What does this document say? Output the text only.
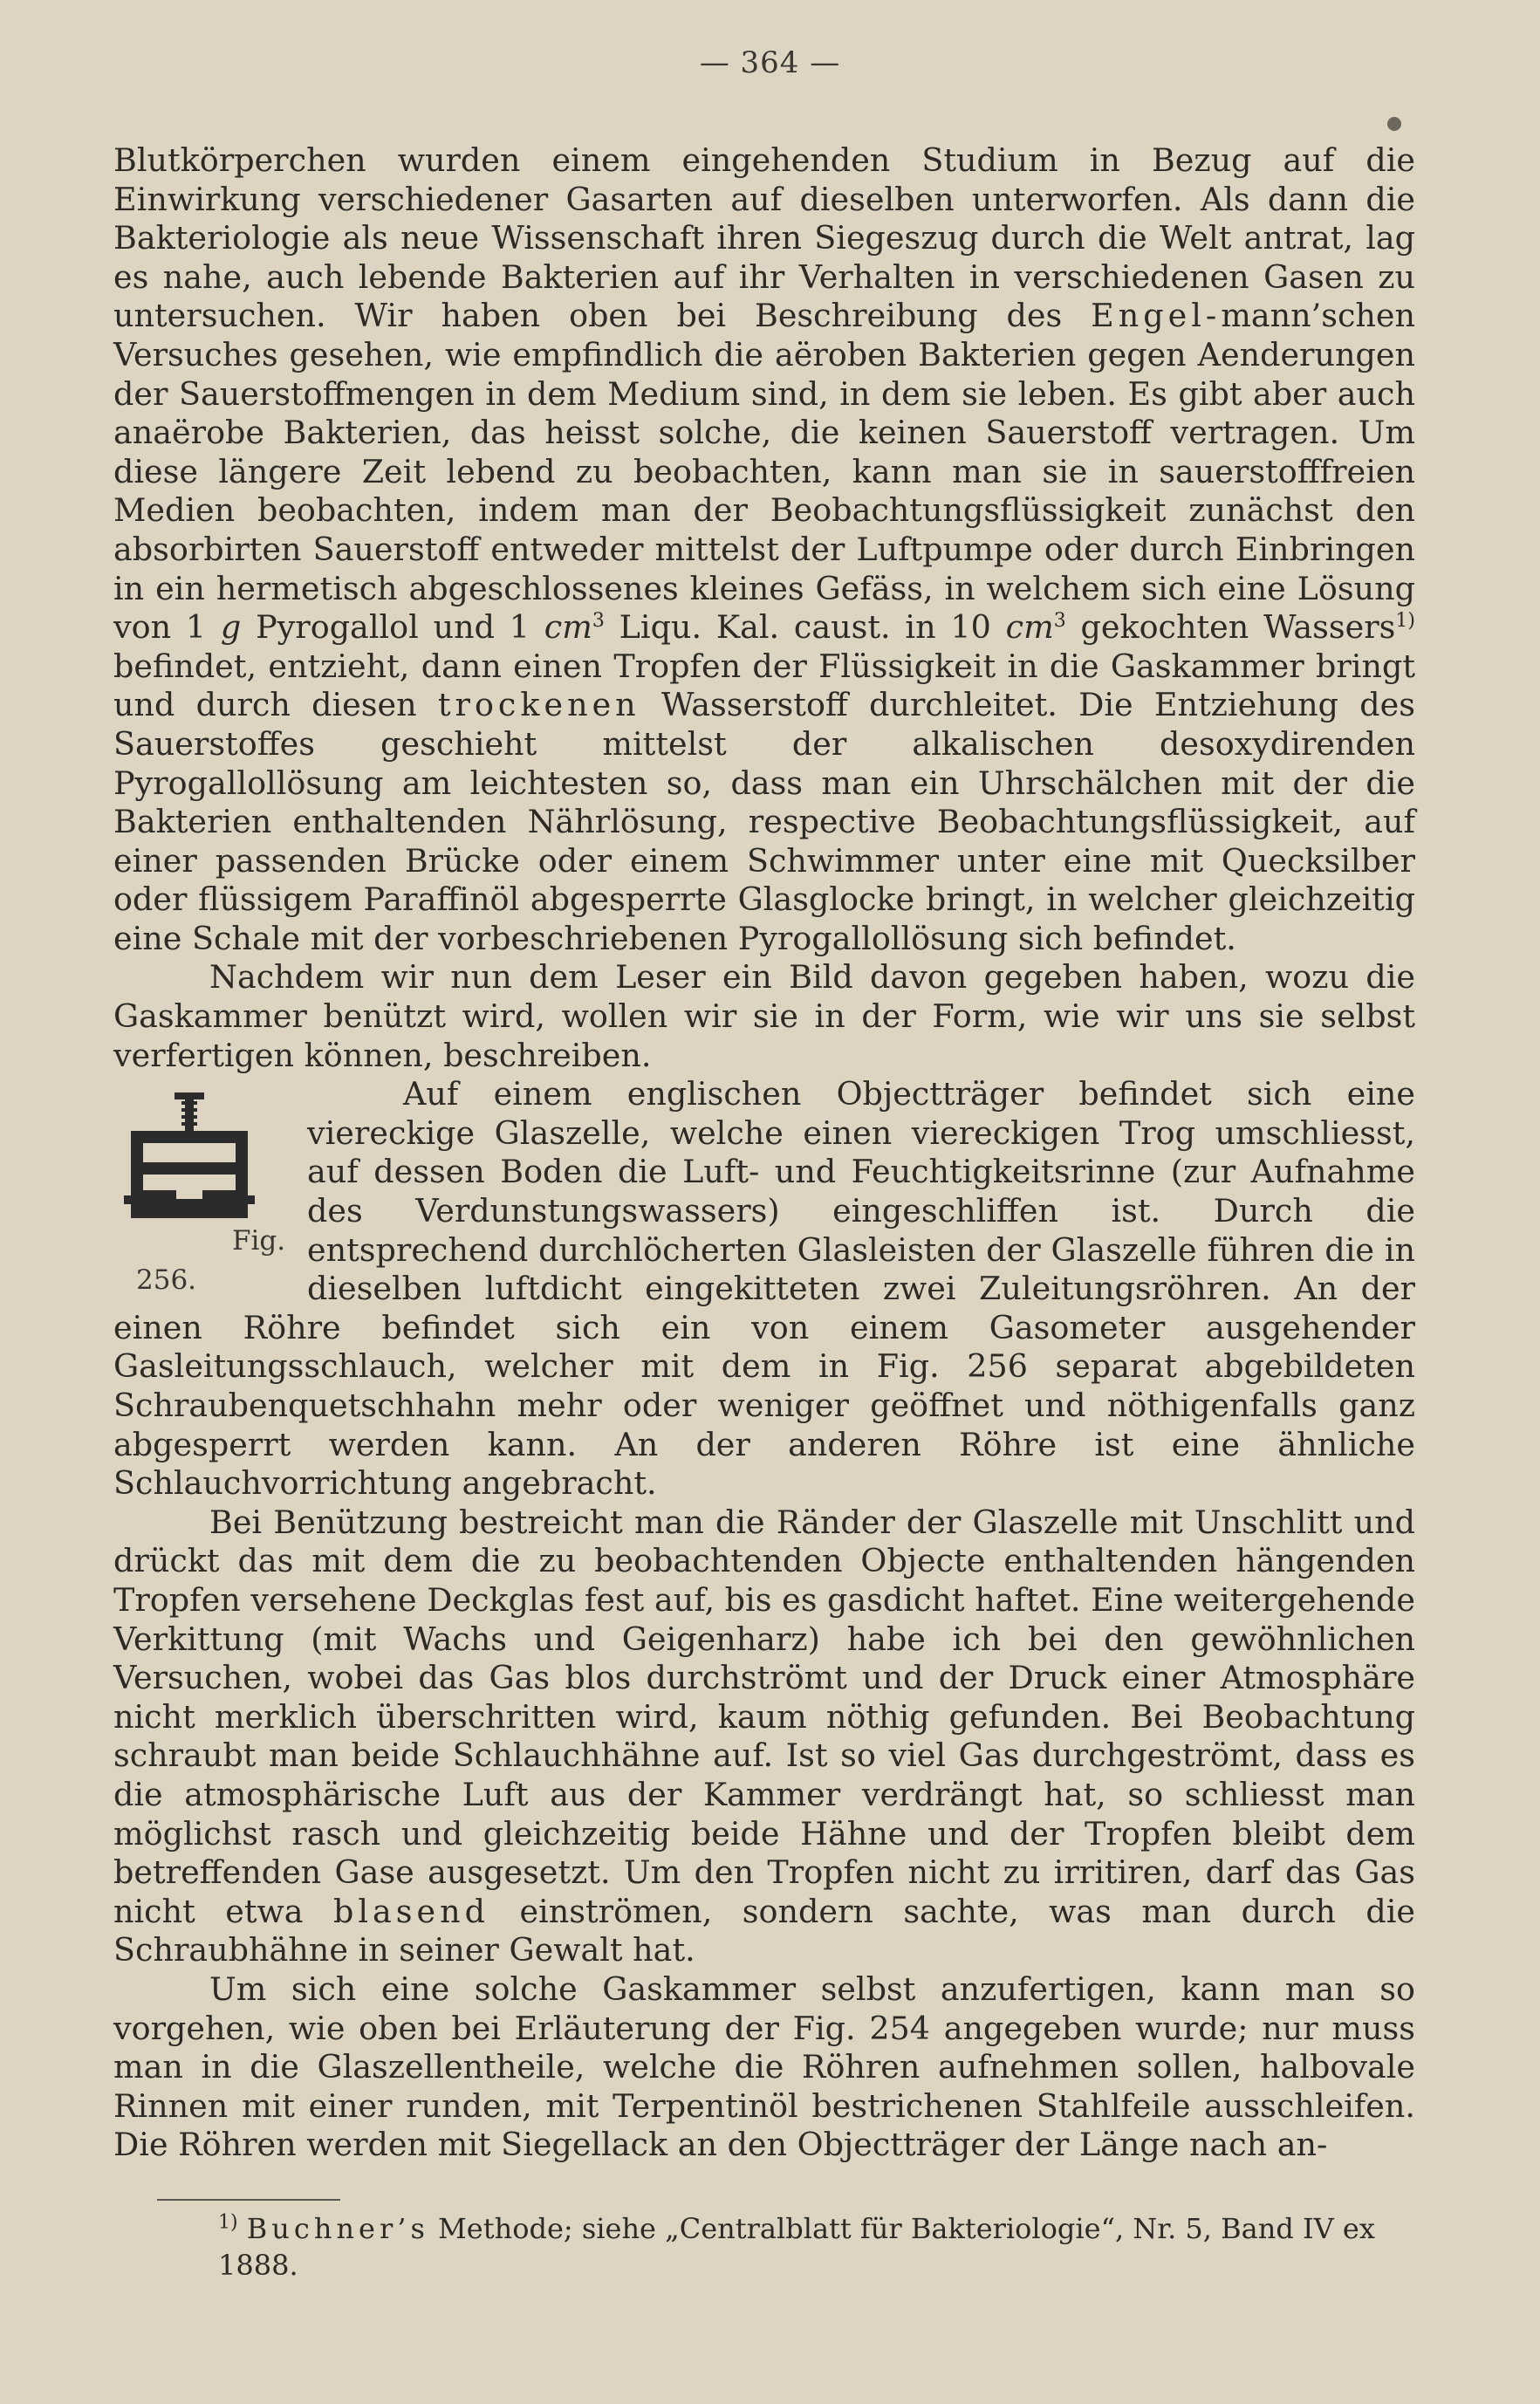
— 364 —

Blutkörperchen wurden einem eingehenden Studium in Bezug auf die Einwirkung verschiedener Gasarten auf dieselben unterworfen. Als dann die Bakteriologie als neue Wissenschaft ihren Siegeszug durch die Welt antrat, lag es nahe, auch lebende Bakterien auf ihr Verhalten in verschiedenen Gasen zu untersuchen. Wir haben oben bei Beschreibung des Engel-mann’schen Versuches gesehen, wie empfindlich die aëroben Bakterien gegen Aenderungen der Sauerstoffmengen in dem Medium sind, in dem sie leben. Es gibt aber auch anaërobe Bakterien, das heisst solche, die keinen Sauerstoff vertragen. Um diese längere Zeit lebend zu beobachten, kann man sie in sauerstofffreien Medien beobachten, indem man der Beobachtungsflüssigkeit zunächst den absorbirten Sauerstoff entweder mittelst der Luftpumpe oder durch Einbringen in ein hermetisch abgeschlossenes kleines Gefäss, in welchem sich eine Lösung von 1 g Pyrogallol und 1 $cm^3$ Liqu. Kal. caust. in 10 $cm^3$ gekochten Wassers$^{1)}$ befindet, entzieht, dann einen Tropfen der Flüssigkeit in die Gaskammer bringt und durch diesen trockenen Wasserstoff durchleitet. Die Entziehung des Sauerstoffes geschieht mittelst der alkalischen desoxydirenden Pyrogallollösung am leichtesten so, dass man ein Uhrschälchen mit der die Bakterien enthaltenden Nährlösung, respective Beobachtungsflüssigkeit, auf einer passenden Brücke oder einem Schwimmer unter eine mit Quecksilber oder flüssigem Paraffinöl abgesperrte Glasglocke bringt, in welcher gleichzeitig eine Schale mit der vorbeschriebenen Pyrogallollösung sich befindet.

Nachdem wir nun dem Leser ein Bild davon gegeben haben, wozu die Gaskammer benützt wird, wollen wir sie in der Form, wie wir uns sie selbst verfertigen können, beschreiben.

OS
Fig. 256.
Auf einem englischen Objectträger befindet sich eine viereckige Glaszelle, welche einen viereckigen Trog umschliesst, auf dessen Boden die Luft- und Feuchtigkeitsrinne (zur Aufnahme des Verdunstungswassers) eingeschliffen ist. Durch die entsprechend durchlöcherten Glasleisten der Glaszelle führen die in dieselben luftdicht eingekitteten zwei Zuleitungsröhren. An der einen Röhre befindet sich ein von einem Gasometer ausgehender Gasleitungsschlauch, welcher mit dem in Fig. 256 separat abgebildeten Schraubenquetschhahn mehr oder weniger geöffnet und nöthigenfalls ganz abgesperrt werden kann. An der anderen Röhre ist eine ähnliche Schlauchvorrichtung angebracht.

Bei Benützung bestreicht man die Ränder der Glaszelle mit Unschlitt und drückt das mit dem die zu beobachtenden Objecte enthaltenden hängenden Tropfen versehene Deckglas fest auf, bis es gasdicht haftet. Eine weitergehende Verkittung (mit Wachs und Geigenharz) habe ich bei den gewöhnlichen Versuchen, wobei das Gas blos durchströmt und der Druck einer Atmosphäre nicht merklich überschritten wird, kaum nöthig gefunden. Bei Beobachtung schraubt man beide Schlauchhähne auf. Ist so viel Gas durchgeströmt, dass es die atmosphärische Luft aus der Kammer verdrängt hat, so schliesst man möglichst rasch und gleichzeitig beide Hähne und der Tropfen bleibt dem betreffenden Gase ausgesetzt. Um den Tropfen nicht zu irritiren, darf das Gas nicht etwa blasend einströmen, sondern sachte, was man durch die Schraubhähne in seiner Gewalt hat.

Um sich eine solche Gaskammer selbst anzufertigen, kann man so vorgehen, wie oben bei Erläuterung der Fig. 254 angegeben wurde; nur muss man in die Glaszellentheile, welche die Röhren aufnehmen sollen, halbovale Rinnen mit einer runden, mit Terpentinöl bestrichenen Stahlfeile ausschleifen. Die Röhren werden mit Siegellack an den Objectträger der Länge nach an-

$^{1)}$ Buchner’s Methode; siehe „Centralblatt für Bakteriologie“, Nr. 5, Band IV ex 1888.
